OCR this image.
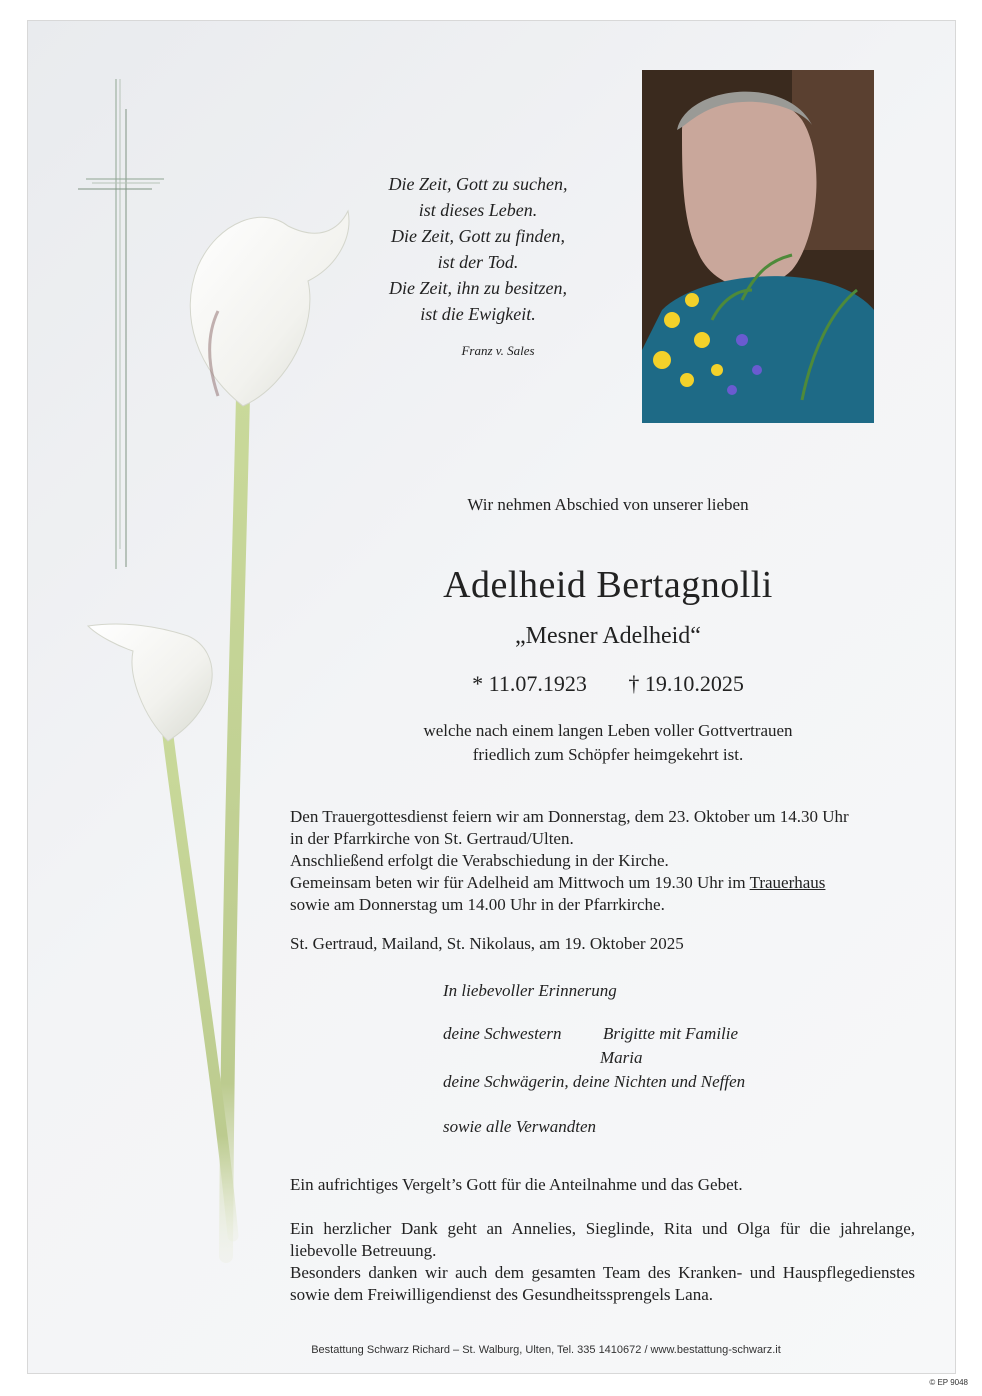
Die Zeit, Gott zu suchen,
ist dieses Leben.
Die Zeit, Gott zu finden,
ist der Tod.
Die Zeit, ihn zu besitzen,
ist die Ewigkeit.
Franz v. Sales
Wir nehmen Abschied von unserer lieben
Adelheid Bertagnolli
„Mesner Adelheid“
* 11.07.1923 † 19.10.2025
welche nach einem langen Leben voller Gottvertrauen
friedlich zum Schöpfer heimgekehrt ist.
Den Trauergottesdienst feiern wir am Donnerstag, dem 23. Oktober um 14.30 Uhr
in der Pfarrkirche von St. Gertraud/Ulten.
Anschließend erfolgt die Verabschiedung in der Kirche.
Gemeinsam beten wir für Adelheid am Mittwoch um 19.30 Uhr im Trauerhaus
sowie am Donnerstag um 14.00 Uhr in der Pfarrkirche.
St. Gertraud, Mailand, St. Nikolaus, am 19. Oktober 2025
In liebevoller Erinnerung
deine Schwestern Brigitte mit Familie
Maria
deine Schwägerin, deine Nichten und Neffen
sowie alle Verwandten
Ein aufrichtiges Vergelt’s Gott für die Anteilnahme und das Gebet.
Ein herzlicher Dank geht an Annelies, Sieglinde, Rita und Olga für die jahrelange, liebevolle Betreuung.
Besonders danken wir auch dem gesamten Team des Kranken- und Hauspflegedienstes sowie dem Freiwilligendienst des Gesundheitssprengels Lana.
Bestattung Schwarz Richard – St. Walburg, Ulten, Tel. 335 1410672 / www.bestattung-schwarz.it
© EP 9048
